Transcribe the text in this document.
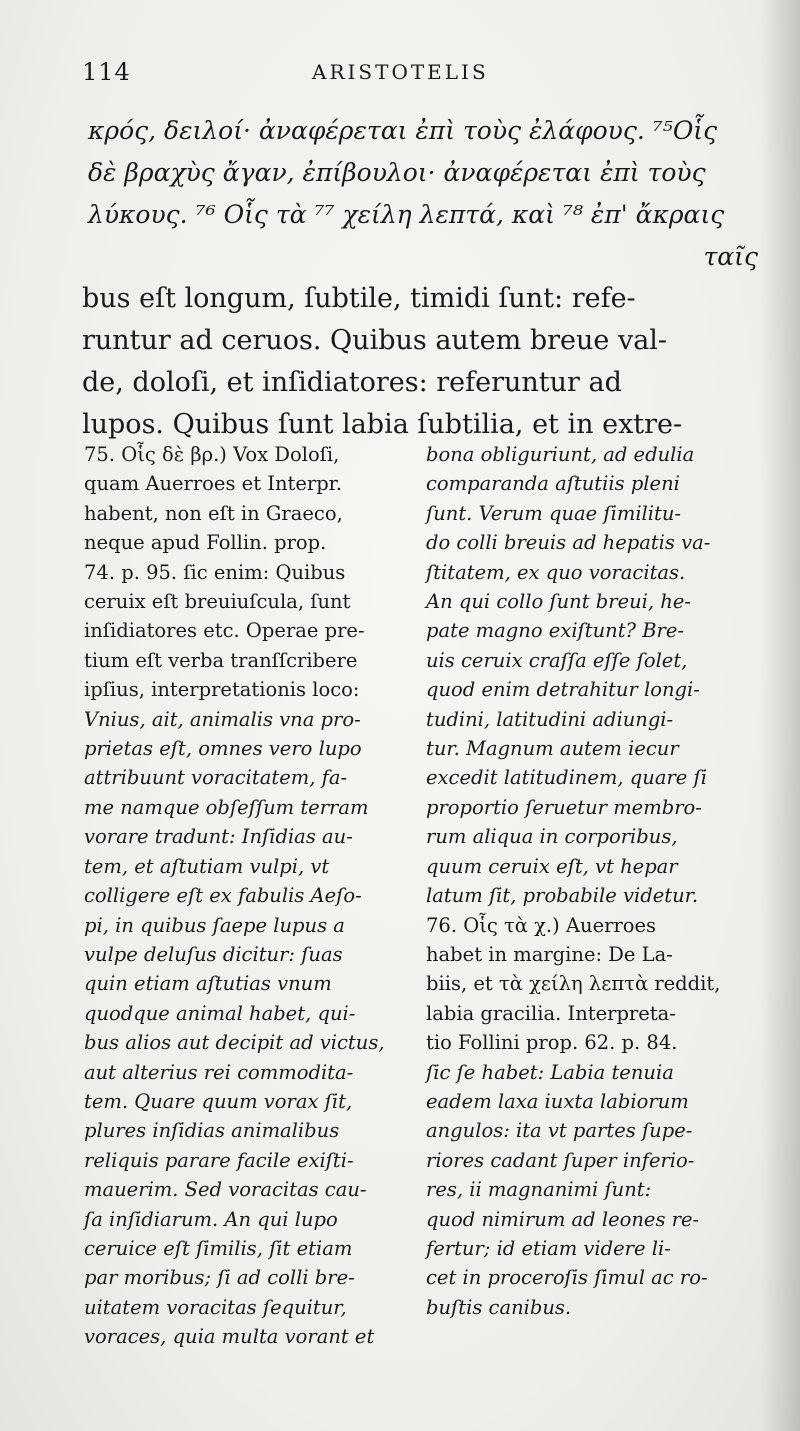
114	ARISTOTELIS
κρός, δειλοί· ἀναφέρεται ἐπὶ τοὺς ἐλάφους. ⁷⁵Οἷς
δὲ βραχὺς ἄγαν, ἐπίβουλοι· ἀναφέρεται ἐπὶ τοὺς
λύκους. ⁷⁶ Οἷς τὰ ⁷⁷ χείλη λεπτά, καὶ ⁷⁸ ἐπ' ἄκραις
ταῖς
bus eſt longum, ſubtile, timidi ſunt: refe-
runtur ad ceruos. Quibus autem breue val-
de, doloſi, et inſidiatores: referuntur ad
lupos. Quibus ſunt labia ſubtilia, et in extre-
75. Οἷς δὲ βρ.) Vox Doloſi,
quam Auerroes et Interpr.
habent, non eſt in Graeco,
neque apud Follin. prop.
74. p. 95. ſic enim: Quibus
ceruix eſt breuiuſcula, ſunt
inſidiatores etc. Operae pre-
tium eſt verba tranſſcribere
ipſius, interpretationis loco:
Vnius, ait, animalis vna pro-
prietas eſt, omnes vero lupo
attribuunt voracitatem, fa-
me namque obſeſſum terram
vorare tradunt: Inſidias au-
tem, et aſtutiam vulpi, vt
colligere eſt ex fabulis Aeſo-
pi, in quibus ſaepe lupus a
vulpe deluſus dicitur: ſuas
quin etiam aſtutias vnum
quodque animal habet, qui-
bus alios aut decipit ad victus,
aut alterius rei commodita-
tem. Quare quum vorax ſit,
plures inſidias animalibus
reliquis parare facile exiſti-
mauerim. Sed voracitas cau-
ſa inſidiarum. An qui lupo
ceruice eſt ſimilis, ſit etiam
par moribus; ſi ad colli bre-
uitatem voracitas ſequitur,
voraces, quia multa vorant et
bona obliguriunt, ad edulia
comparanda aſtutiis pleni
ſunt. Verum quae ſimilitu-
do colli breuis ad hepatis va-
ſtitatem, ex quo voracitas.
An qui collo ſunt breui, he-
pate magno exiſtunt? Bre-
uis ceruix craſſa eſſe ſolet,
quod enim detrahitur longi-
tudini, latitudini adiungi-
tur. Magnum autem iecur
excedit latitudinem, quare ſi
proportio ſeruetur membro-
rum aliqua in corporibus,
quum ceruix eſt, vt hepar
latum ſit, probabile videtur.
76. Οἷς τὰ χ.) Auerroes
habet in margine: De La-
biis, et τὰ χείλη λεπτὰ reddit,
labia gracilia. Interpreta-
tio Follini prop. 62. p. 84.
ſic ſe habet: Labia tenuia
eadem laxa iuxta labiorum
angulos: ita vt partes ſupe-
riores cadant ſuper inferio-
res, ii magnanimi ſunt:
quod nimirum ad leones re-
fertur; id etiam videre li-
cet in proceroſis ſimul ac ro-
buſtis canibus.
